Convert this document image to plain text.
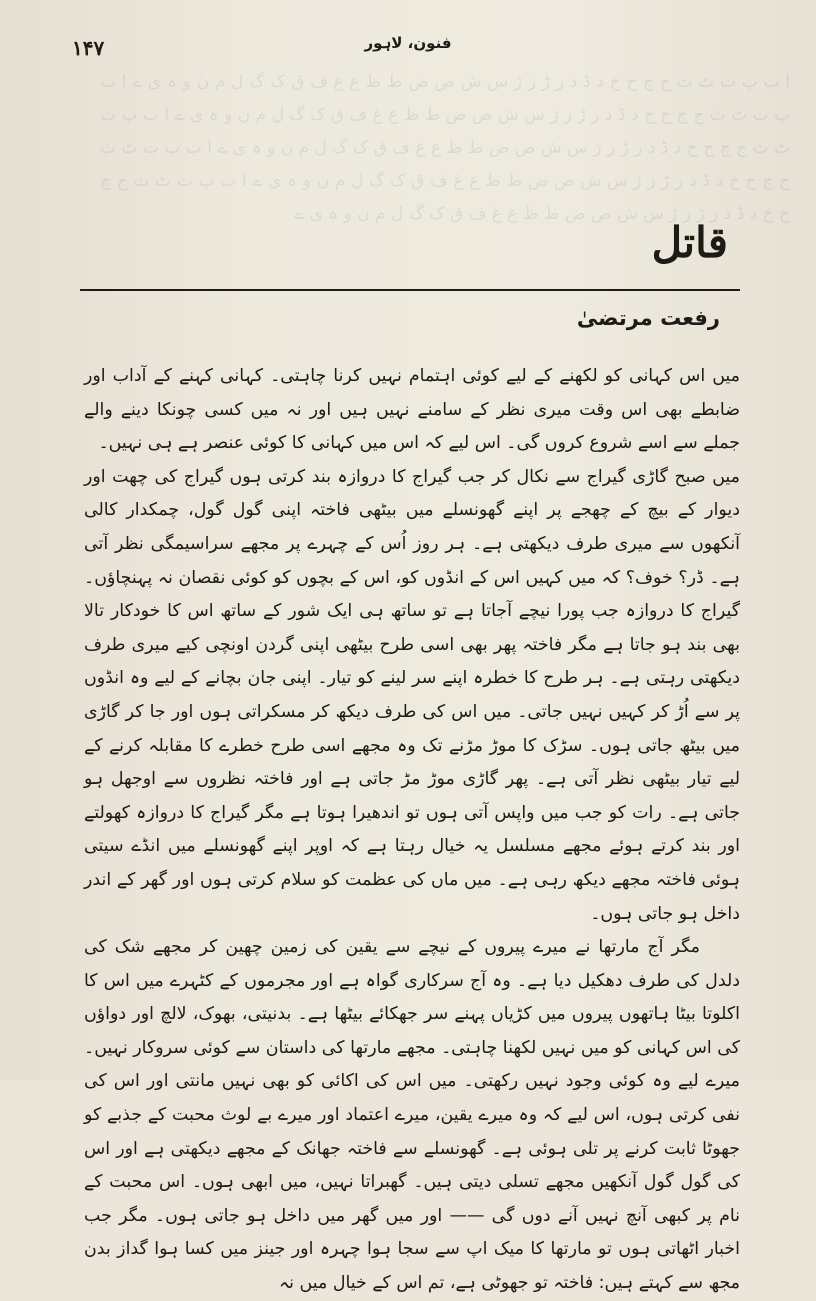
ا ب پ ت ٹ ث ج چ ح خ د ڈ ذ ر ڑ ز ژ س ش ص ض ط ظ ع غ ف ق ک گ ل م ن و ہ ی ے ا ب پ ت ٹ ث ج چ ح خ د ڈ ذ ر ڑ ز ژ س ش ص ض ط ظ ع غ ف ق ک گ ل م ن و ہ ی ے ا ب پ ت ٹ ث ج چ ح خ د ڈ ذ ر ڑ ز ژ س ش ص ض ط ظ ع غ ف ق ک گ ل م ن و ہ ی ے ا ب پ ت ٹ ث ج چ ح خ د ڈ ذ ر ڑ ز ژ س ش ص ض ط ظ ع غ ف ق ک گ ل م ن و ہ ی ے ا ب پ ت ٹ ث ج چ ح خ د ڈ ذ ر ڑ ز ژ س ش ص ض ط ظ ع غ ف ق ک گ ل م ن و ہ ی ے
۱۴۷	فنون، لاہور
قاتل
رفعت مرتضیٰ

میں اس کہانی کو لکھنے کے لیے کوئی اہتمام نہیں کرنا چاہتی۔ کہانی کہنے کے آداب اور ضابطے بھی اس وقت میری نظر کے سامنے نہیں ہیں اور نہ میں کسی چونکا دینے والے جملے سے اسے شروع کروں گی۔ اس لیے کہ اس میں کہانی کا کوئی عنصر ہے ہی نہیں۔

میں صبح گاڑی گیراج سے نکال کر جب گیراج کا دروازہ بند کرتی ہوں گیراج کی چھت اور دیوار کے بیچ کے چھجے پر اپنے گھونسلے میں بیٹھی فاختہ اپنی گول گول، چمکدار کالی آنکھوں سے میری طرف دیکھتی ہے۔ ہر روز اُس کے چہرے پر مجھے سراسیمگی نظر آتی ہے۔ ڈر؟ خوف؟ کہ میں کہیں اس کے انڈوں کو، اس کے بچوں کو کوئی نقصان نہ پہنچاؤں۔ گیراج کا دروازہ جب پورا نیچے آجاتا ہے تو ساتھ ہی ایک شور کے ساتھ اس کا خودکار تالا بھی بند ہو جاتا ہے مگر فاختہ پھر بھی اسی طرح بیٹھی اپنی گردن اونچی کیے میری طرف دیکھتی رہتی ہے۔ ہر طرح کا خطرہ اپنے سر لینے کو تیار۔ اپنی جان بچانے کے لیے وہ انڈوں پر سے اُڑ کر کہیں نہیں جاتی۔ میں اس کی طرف دیکھ کر مسکراتی ہوں اور جا کر گاڑی میں بیٹھ جاتی ہوں۔ سڑک کا موڑ مڑنے تک وہ مجھے اسی طرح خطرے کا مقابلہ کرنے کے لیے تیار بیٹھی نظر آتی ہے۔ پھر گاڑی موڑ مڑ جاتی ہے اور فاختہ نظروں سے اوجھل ہو جاتی ہے۔ رات کو جب میں واپس آتی ہوں تو اندھیرا ہوتا ہے مگر گیراج کا دروازہ کھولتے اور بند کرتے ہوئے مجھے مسلسل یہ خیال رہتا ہے کہ اوپر اپنے گھونسلے میں انڈے سیتی ہوئی فاختہ مجھے دیکھ رہی ہے۔ میں ماں کی عظمت کو سلام کرتی ہوں اور گھر کے اندر داخل ہو جاتی ہوں۔

مگر آج مارتھا نے میرے پیروں کے نیچے سے یقین کی زمین چھین کر مجھے شک کی دلدل کی طرف دھکیل دیا ہے۔ وہ آج سرکاری گواہ ہے اور مجرموں کے کٹہرے میں اس کا اکلوتا بیٹا ہاتھوں پیروں میں کڑیاں پہنے سر جھکائے بیٹھا ہے۔ بدنیتی، بھوک، لالچ اور دواؤں کی اس کہانی کو میں نہیں لکھنا چاہتی۔ مجھے مارتھا کی داستان سے کوئی سروکار نہیں۔ میرے لیے وہ کوئی وجود نہیں رکھتی۔ میں اس کی اکائی کو بھی نہیں مانتی اور اس کی نفی کرتی ہوں، اس لیے کہ وہ میرے یقین، میرے اعتماد اور میرے بے لوث محبت کے جذبے کو جھوٹا ثابت کرنے پر تلی ہوئی ہے۔ گھونسلے سے فاختہ جھانک کے مجھے دیکھتی ہے اور اس کی گول گول آنکھیں مجھے تسلی دیتی ہیں۔ گھبراتا نہیں، میں ابھی ہوں۔ اس محبت کے نام پر کبھی آنچ نہیں آنے دوں گی —— اور میں گھر میں داخل ہو جاتی ہوں۔ مگر جب اخبار اٹھاتی ہوں تو مارتھا کا میک اپ سے سجا ہوا چہرہ اور جینز میں کسا ہوا گداز بدن مجھ سے کہتے ہیں: فاختہ تو جھوٹی ہے، تم اس کے خیال میں نہ
